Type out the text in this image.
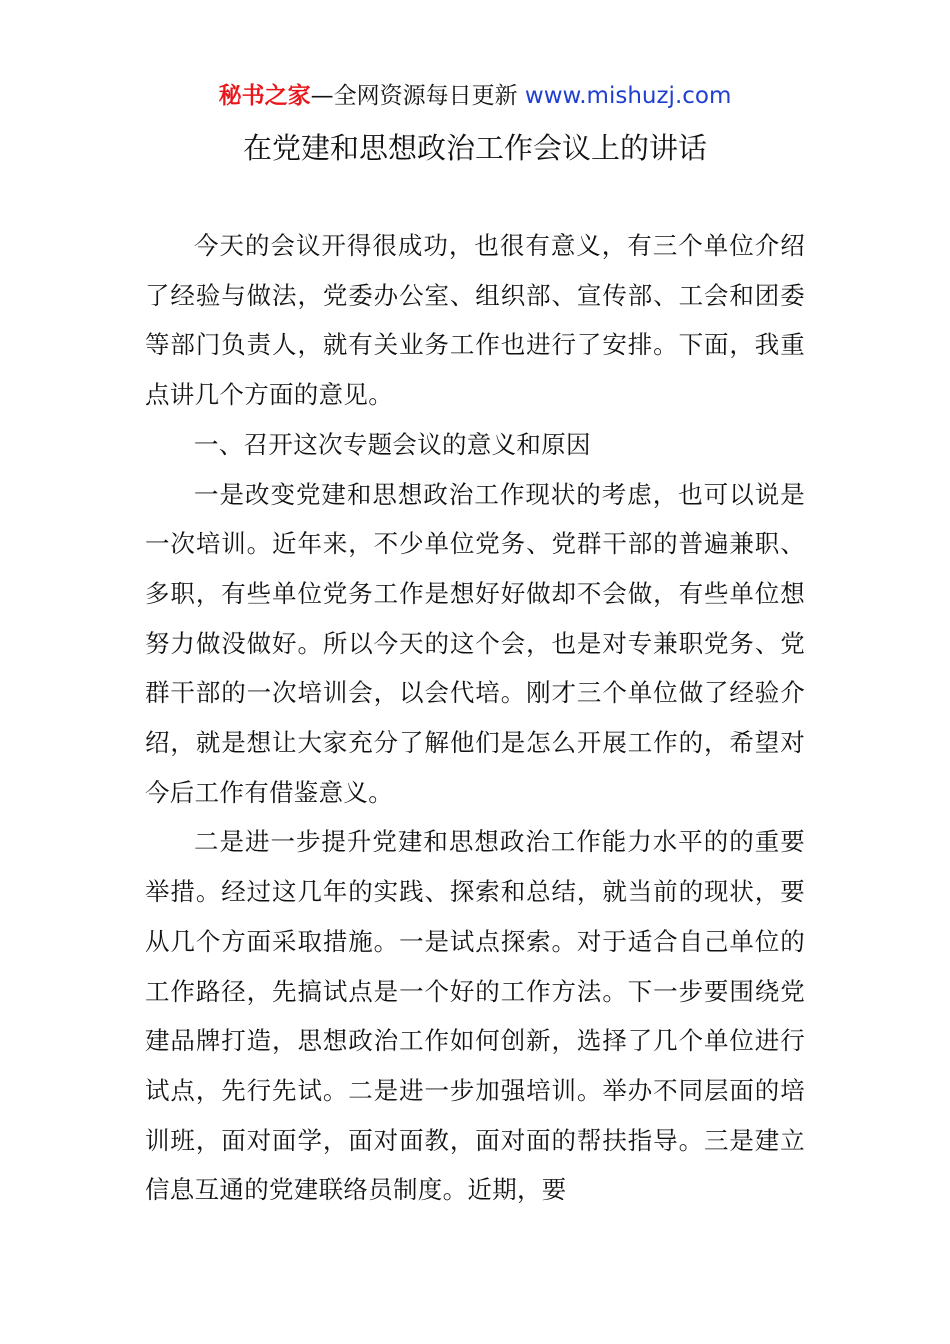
秘书之家—全网资源每日更新 www.mishuzj.com
在党建和思想政治工作会议上的讲话

今天的会议开得很成功，也很有意义，有三个单位介绍了经验与做法，党委办公室、组织部、宣传部、工会和团委等部门负责人，就有关业务工作也进行了安排。下面，我重点讲几个方面的意见。

一、召开这次专题会议的意义和原因

一是改变党建和思想政治工作现状的考虑，也可以说是一次培训。近年来，不少单位党务、党群干部的普遍兼职、多职，有些单位党务工作是想好好做却不会做，有些单位想努力做没做好。所以今天的这个会，也是对专兼职党务、党群干部的一次培训会，以会代培。刚才三个单位做了经验介绍，就是想让大家充分了解他们是怎么开展工作的，希望对今后工作有借鉴意义。

二是进一步提升党建和思想政治工作能力水平的的重要举措。经过这几年的实践、探索和总结，就当前的现状，要从几个方面采取措施。一是试点探索。对于适合自己单位的工作路径，先搞试点是一个好的工作方法。下一步要围绕党建品牌打造，思想政治工作如何创新，选择了几个单位进行试点，先行先试。二是进一步加强培训。举办不同层面的培训班，面对面学，面对面教，面对面的帮扶指导。三是建立信息互通的党建联络员制度。近期，要
